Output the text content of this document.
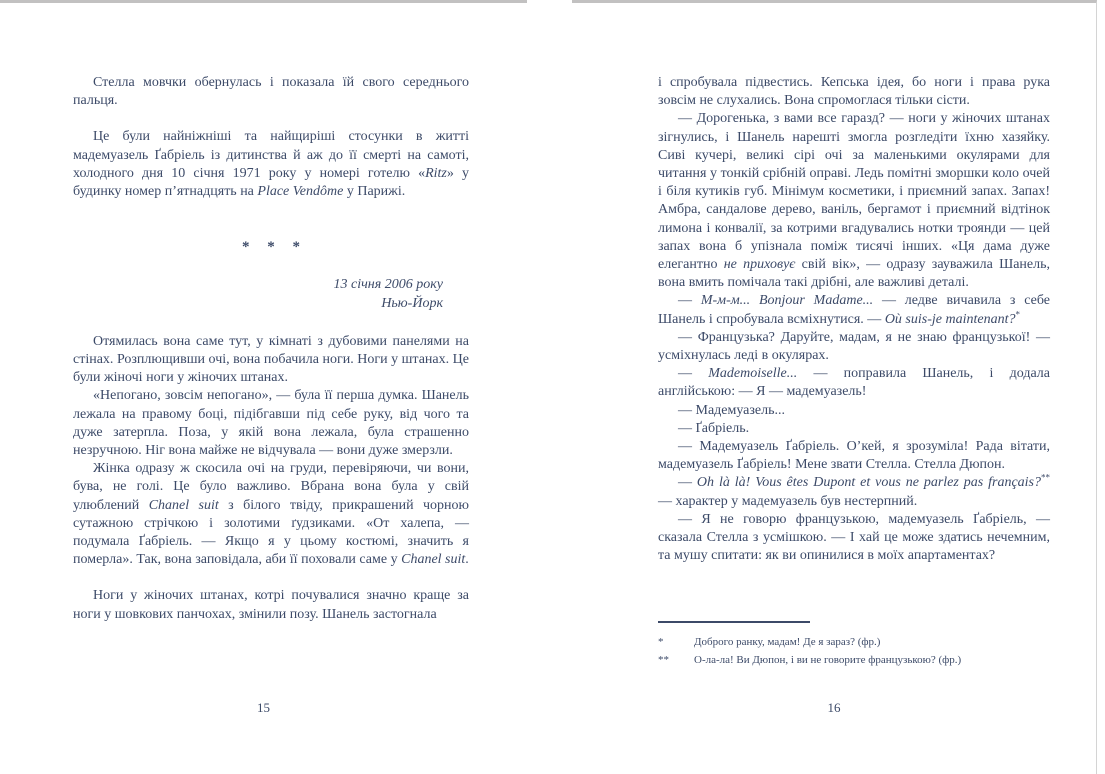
Стелла мовчки обернулась і показала їй свого середнього пальця.

Це були найніжніші та найщиріші стосунки в житті мадемуазель Ґабріель із дитинства й аж до її смерті на самоті, холодного дня 10 січня 1971 року у номері готелю «Ritz» у будинку номер п’ятнадцять на Place Vendôme у Парижі.

* * *
13 січня 2006 року
Нью-Йорк

Отямилась вона саме тут, у кімнаті з дубовими панелями на стінах. Розплющивши очі, вона побачила ноги. Ноги у штанах. Це були жіночі ноги у жіночих штанах.

«Непогано, зовсім непогано», — була її перша думка. Шанель лежала на правому боці, підібгавши під себе руку, від чого та дуже затерпла. Поза, у якій вона лежала, була страшенно незручною. Ніг вона майже не відчувала — вони дуже змерзли.

Жінка одразу ж скосила очі на груди, перевіряючи, чи вони, бува, не голі. Це було важливо. Вбрана вона була у свій улюблений Chanel suit з білого твіду, прикрашений чорною сутажною стрічкою і золотими ґудзиками. «От халепа, — подумала Ґабріель. — Якщо я у цьому костюмі, значить я померла». Так, вона заповідала, аби її поховали саме у Chanel suit.

Ноги у жіночих штанах, котрі почувалися значно краще за ноги у шовкових панчохах, змінили позу. Шанель застогнала

15

і спробувала підвестись. Кепська ідея, бо ноги і права рука зовсім не слухались. Вона спромоглася тільки сісти.

— Дорогенька, з вами все гаразд? — ноги у жіночих штанах зігнулись, і Шанель нарешті змогла розгледіти їхню хазяйку. Сиві кучері, великі сірі очі за маленькими окулярами для читання у тонкій срібній оправі. Ледь помітні зморшки коло очей і біля кутиків губ. Мінімум косметики, і приємний запах. Запах! Амбра, сандалове дерево, ваніль, бергамот і приємний відтінок лимона і конвалії, за котрими вгадувались нотки троянди — цей запах вона б упізнала поміж тисячі інших. «Ця дама дуже елегантно не приховує свій вік», — одразу зауважила Шанель, вона вмить помічала такі дрібні, але важливі деталі.

— М-м-м... Bonjour Madame... — ледве вичавила з себе Шанель і спробувала всміхнутися. — Où suis-je maintenant?*

— Французька? Даруйте, мадам, я не знаю французької! — усміхнулась леді в окулярах.

— Mademoiselle... — поправила Шанель, і додала англійською: — Я — мадемуазель!

— Мадемуазель...

— Ґабріель.

— Мадемуазель Ґабріель. О’кей, я зрозуміла! Рада вітати, мадемуазель Ґабріель! Мене звати Стелла. Стелла Дюпон.

— Oh là là! Vous êtes Dupont et vous ne parlez pas français?** — характер у мадемуазель був нестерпний.

— Я не говорю французькою, мадемуазель Ґабріель, — сказала Стелла з усмішкою. — І хай це може здатись нечемним, та мушу спитати: як ви опинилися в моїх апартаментах?

*	Доброго ранку, мадам! Де я зараз? (фр.)
**	О-ла-ла! Ви Дюпон, і ви не говорите французькою? (фр.)
16
